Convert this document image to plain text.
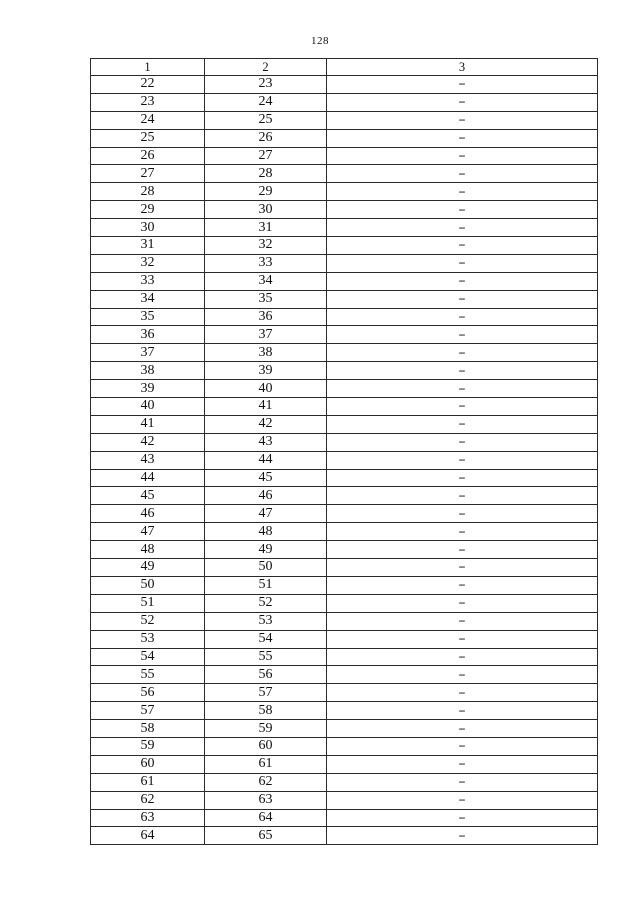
128
1	2	3
22	23	–
23	24	–
24	25	–
25	26	–
26	27	–
27	28	–
28	29	–
29	30	–
30	31	–
31	32	–
32	33	–
33	34	–
34	35	–
35	36	–
36	37	–
37	38	–
38	39	–
39	40	–
40	41	–
41	42	–
42	43	–
43	44	–
44	45	–
45	46	–
46	47	–
47	48	–
48	49	–
49	50	–
50	51	–
51	52	–
52	53	–
53	54	–
54	55	–
55	56	–
56	57	–
57	58	–
58	59	–
59	60	–
60	61	–
61	62	–
62	63	–
63	64	–
64	65	–
